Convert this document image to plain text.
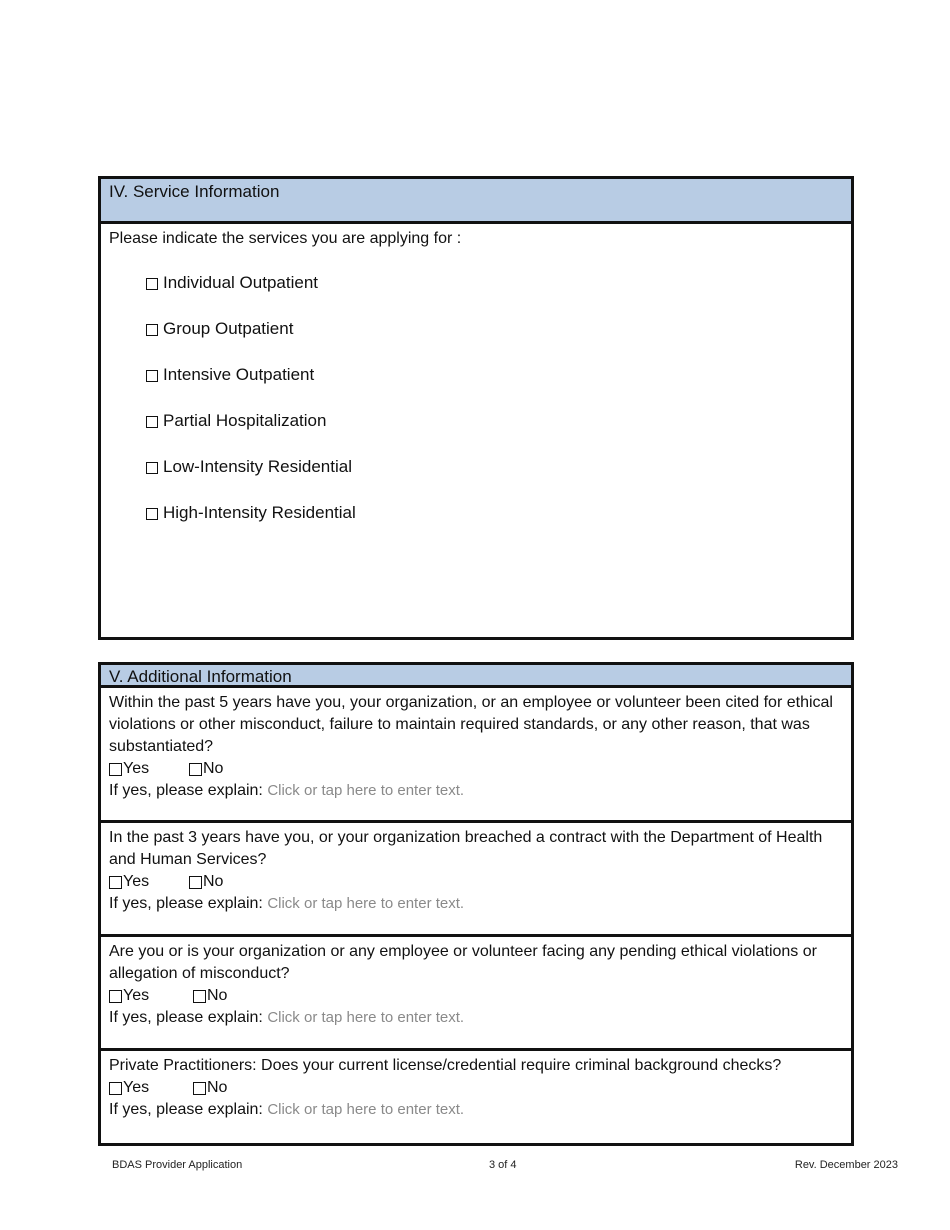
IV. Service Information
Please indicate the services you are applying for :
Individual Outpatient
Group Outpatient
Intensive Outpatient
Partial Hospitalization
Low-Intensity Residential
High-Intensity Residential
V. Additional Information
Within the past 5 years have you, your organization, or an employee or volunteer been cited for ethical violations or other misconduct, failure to maintain required standards, or any other reason, that was substantiated?
Yes	No
If yes, please explain: Click or tap here to enter text.
In the past 3 years have you, or your organization breached a contract with the Department of Health and Human Services?
Yes	No
If yes, please explain: Click or tap here to enter text.
Are you or is your organization or any employee or volunteer facing any pending ethical violations or allegation of misconduct?
Yes	No
If yes, please explain: Click or tap here to enter text.
Private Practitioners: Does your current license/credential require criminal background checks?
Yes	No
If yes, please explain: Click or tap here to enter text.
BDAS Provider Application	3 of 4	Rev. December 2023
